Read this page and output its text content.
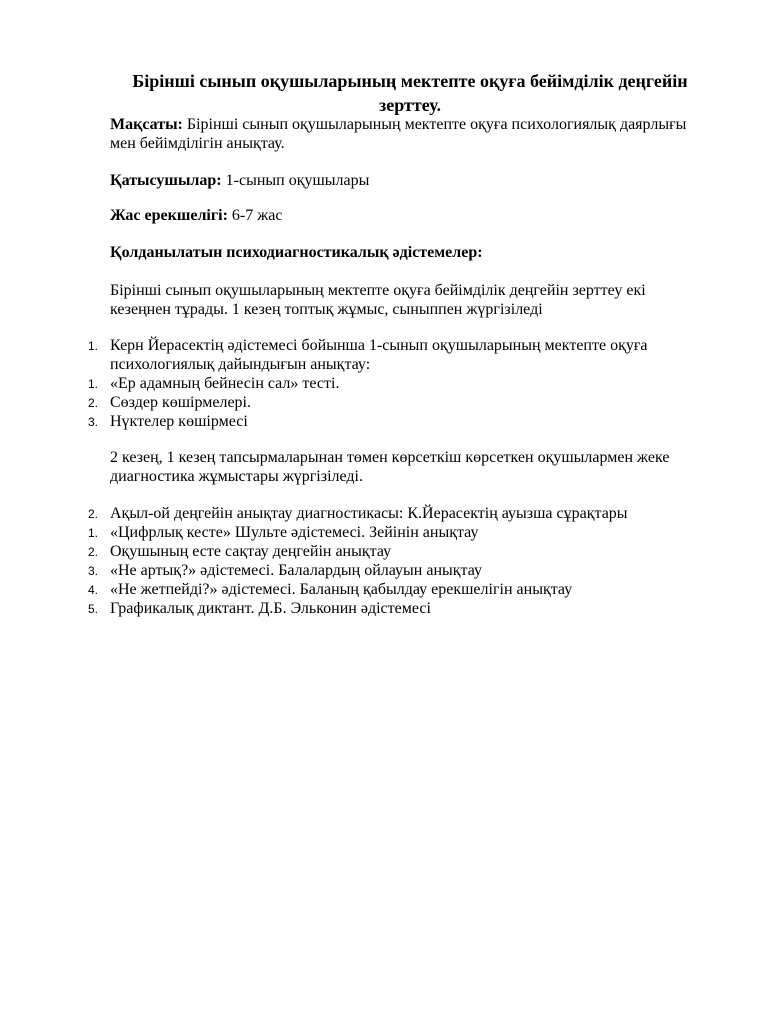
Бірінші сынып оқушыларының мектепте оқуға бейімділік деңгейін зерттеу.
Мақсаты: Бірінші сынып оқушыларының мектепте оқуға психологиялық даярлығы мен бейімділігін анықтау.
Қатысушылар: 1-сынып оқушылары
Жас ерекшелігі: 6-7 жас
Қолданылатын психодиагностикалық әдістемелер:
Бірінші сынып оқушыларының мектепте оқуға бейімділік деңгейін зерттеу екі кезеңнен тұрады. 1 кезең топтық жұмыс, сыныппен жүргізіледі
1. Керн Йерасектің әдістемесі бойынша 1-сынып оқушыларының мектепте оқуға психологиялық дайындығын анықтау:
1. «Ер адамның бейнесін сал» тесті.
2. Сөздер көшірмелері.
3. Нүктелер көшірмесі
2 кезең, 1 кезең тапсырмаларынан төмен көрсеткіш көрсеткен оқушылармен жеке диагностика жұмыстары жүргізіледі.
2. Ақыл-ой деңгейін анықтау диагностикасы: К.Йерасектің ауызша сұрақтары
1. «Цифрлық кесте» Шульте әдістемесі. Зейінін анықтау
2. Оқушының есте сақтау деңгейін анықтау
3. «Не артық?» әдістемесі. Балалардың ойлауын анықтау
4. «Не жетпейді?» әдістемесі. Баланың қабылдау ерекшелігін анықтау
5. Графикалық диктант. Д.Б. Эльконин әдістемесі
